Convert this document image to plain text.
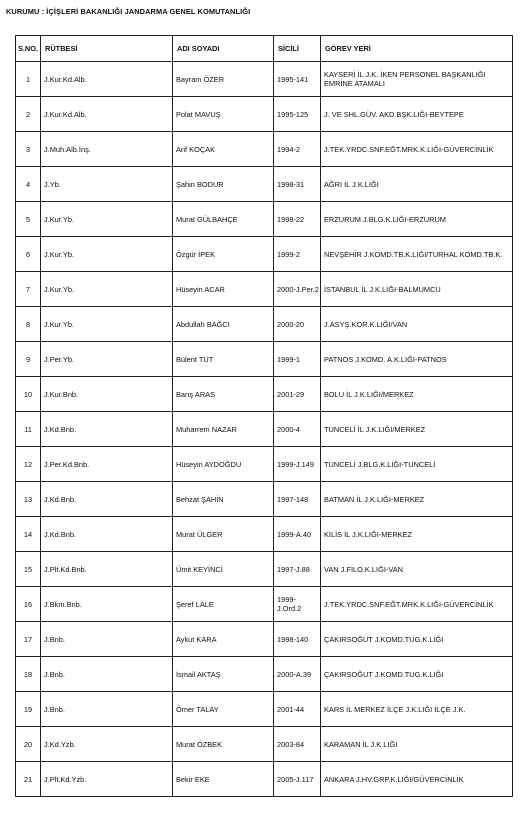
KURUMU : İÇİŞLERİ BAKANLIĞI JANDARMA GENEL KOMUTANLIĞI
S.NO.	RÜTBESİ	ADI SOYADI	SİCİLİ	GÖREV YERİ
1	J.Kur.Kd.Alb.	Bayram ÖZER	1995-141	KAYSERİ İL J.K. İKEN PERSONEL BAŞKANLIĞI EMRİNE ATAMALI
2	J.Kur.Kd.Alb.	Polat MAVUŞ	1995-125	J. VE SHL.GÜV. AKD.BŞK.LIĞI-BEYTEPE
3	J.Muh.Alb.İnş.	Arif KOÇAK	1994-2	J.TEK.YRDC.SNF.EĞT.MRK.K.LIĞI-GÜVERCİNLİK
4	J.Yb.	Şahin BODUR	1998-31	AĞRI İL J.K.LIĞI
5	J.Kur.Yb.	Murat GÜLBAHÇE	1998-22	ERZURUM J.BLG.K.LIĞI-ERZURUM
6	J.Kur.Yb.	Özgür İPEK	1999-2	NEVŞEHİR J.KOMD.TB.K.LIĞI/TURHAL KOMD.TB.K.
7	J.Kur.Yb.	Hüseyin ACAR	2000-J.Per.2	İSTANBUL İL J.K.LIĞI-BALMUMCU
8	J.Kur.Yb.	Abdullah BAĞCI	2000-20	J.ASYŞ.KOR.K.LIĞI/VAN
9	J.Per.Yb.	Bülent TUT	1999-1	PATNOS J.KOMD. A.K.LIĞI-PATNOS
10	J.Kur.Bnb.	Barış ARAS	2001-29	BOLU İL J.K.LIĞI/MERKEZ
11	J.Kd.Bnb.	Muharrem NAZAR	2000-4	TUNCELİ İL J.K.LIĞI/MERKEZ
12	J.Per.Kd.Bnb.	Hüseyin AYDOĞDU	1999-J.149	TUNCELİ J.BLG.K.LIĞI-TUNCELİ
13	J.Kd.Bnb.	Behzat ŞAHİN	1997-148	BATMAN İL J.K.LIĞI-MERKEZ
14	J.Kd.Bnb.	Murat ÜLGER	1999-A.40	KİLİS İL J.K.LIĞI-MERKEZ
15	J.Plt.Kd.Bnb.	Ümit KEYİNCİ	1997-J.88	VAN J.FİLO.K.LIĞI-VAN
16	J.Bkm.Bnb.	Şeref LALE	1999-J.Ord.2	J.TEK.YRDC.SNF.EĞT.MRK.K.LIĞI-GÜVERCİNLİK
17	J.Bnb.	Aykut KARA	1998-140	ÇAKIRSOĞUT J.KOMD.TUG.K.LIĞI
18	J.Bnb.	İsmail AKTAŞ	2000-A.39	ÇAKIRSOĞUT J.KOMD.TUG.K.LIĞI
19	J.Bnb.	Ömer TALAY	2001-44	KARS İL MERKEZ İLÇE J.K.LIĞI İLÇE J.K.
20	J.Kd.Yzb.	Murat ÖZBEK	2003-84	KARAMAN İL J.K.LIĞI
21	J.Plt.Kd.Yzb.	Bekir EKE	2005-J.117	ANKARA J.HV.GRP.K.LIĞI/GÜVERCİNLİK
